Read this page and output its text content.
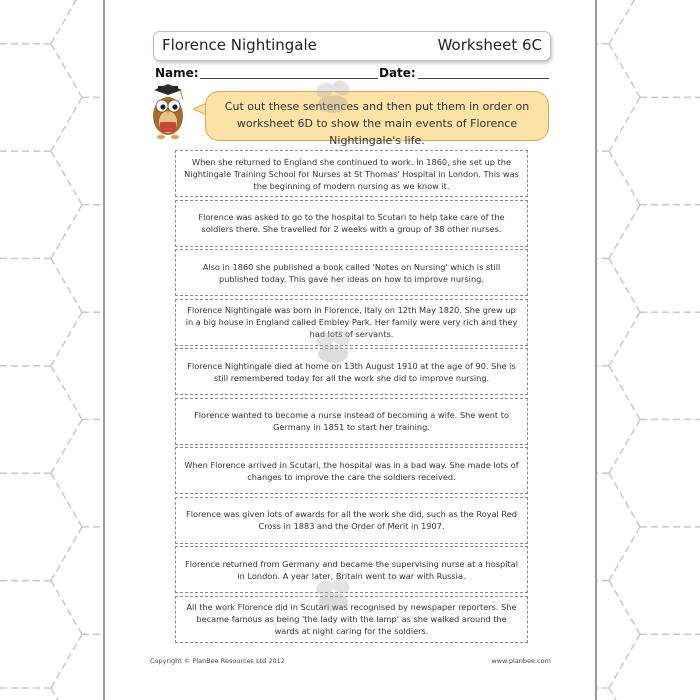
Florence Nightingale	Worksheet 6C
Name:	Date:
Cut out these sentences and then put them in order on worksheet 6D to show the main events of Florence Nightingale's life.
When she returned to England she continued to work. In 1860, she set up the Nightingale Training School for Nurses at St Thomas' Hospital in London. This was the beginning of modern nursing as we know it.
Florence was asked to go to the hospital to Scutari to help take care of the soldiers there. She travelled for 2 weeks with a group of 38 other nurses.
Also in 1860 she published a book called 'Notes on Nursing' which is still published today. This gave her ideas on how to improve nursing.
Florence Nightingale was born in Florence, Italy on 12th May 1820. She grew up in a big house in England called Embley Park. Her family were very rich and they had lots of servants.
Florence Nightingale died at home on 13th August 1910 at the age of 90. She is still remembered today for all the work she did to improve nursing.
Florence wanted to become a nurse instead of becoming a wife. She went to Germany in 1851 to start her training.
When Florence arrived in Scutari, the hospital was in a bad way. She made lots of changes to improve the care the soldiers received.
Florence was given lots of awards for all the work she did, such as the Royal Red Cross in 1883 and the Order of Merit in 1907.
Florence returned from Germany and became the supervising nurse at a hospital in London. A year later, Britain went to war with Russia.
All the work Florence did in Scutari was recognised by newspaper reporters. She became famous as being 'the lady with the lamp' as she walked around the wards at night caring for the soldiers.
Copyright © PlanBee Resources Ltd 2012	www.planbee.com
